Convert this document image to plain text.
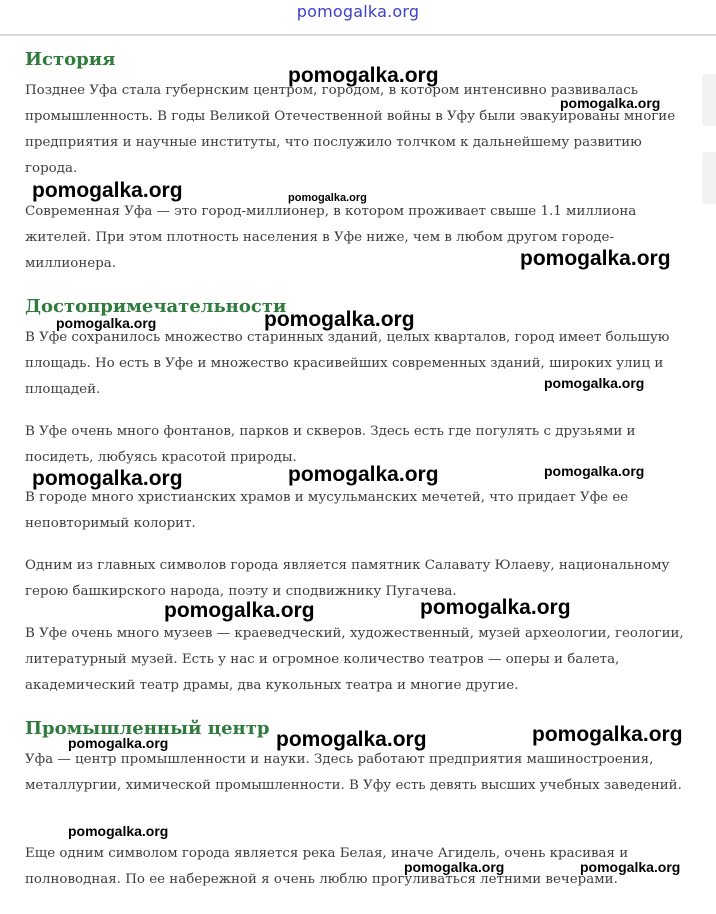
pomogalka.org
История

Позднее Уфа стала губернским центром, городом, в котором интенсивно развивалась промышленность. В годы Великой Отечественной войны в Уфу были эвакуированы многие предприятия и научные институты, что послужило толчком к дальнейшему развитию города.

Современная Уфа — это город-миллионер, в котором проживает свыше 1.1 миллиона жителей. При этом плотность населения в Уфе ниже, чем в любом другом городе-миллионера.

Достопримечательности

В Уфе сохранилось множество старинных зданий, целых кварталов, город имеет большую площадь. Но есть в Уфе и множество красивейших современных зданий, широких улиц и площадей.

В Уфе очень много фонтанов, парков и скверов. Здесь есть где погулять с друзьями и посидеть, любуясь красотой природы.

В городе много христианских храмов и мусульманских мечетей, что придает Уфе ее неповторимый колорит.

Одним из главных символов города является памятник Салавату Юлаеву, национальному герою башкирского народа, поэту и сподвижнику Пугачева.

В Уфе очень много музеев — краеведческий, художественный, музей археологии, геологии, литературный музей. Есть у нас и огромное количество театров — оперы и балета, академический театр драмы, два кукольных театра и многие другие.

Промышленный центр

Уфа — центр промышленности и науки. Здесь работают предприятия машиностроения, металлургии, химической промышленности. В Уфу есть девять высших учебных заведений.

Еще одним символом города является река Белая, иначе Агидель, очень красивая и полноводная. По ее набережной я очень люблю прогуливаться летними вечерами.

pomogalka.org
pomogalka.org
pomogalka.org	pomogalka.org
pomogalka.org
pomogalka.org	pomogalka.org
pomogalka.org
pomogalka.org	pomogalka.org	pomogalka.org
pomogalka.org	pomogalka.org
pomogalka.org	pomogalka.org	pomogalka.org
pomogalka.org
pomogalka.org	pomogalka.org
